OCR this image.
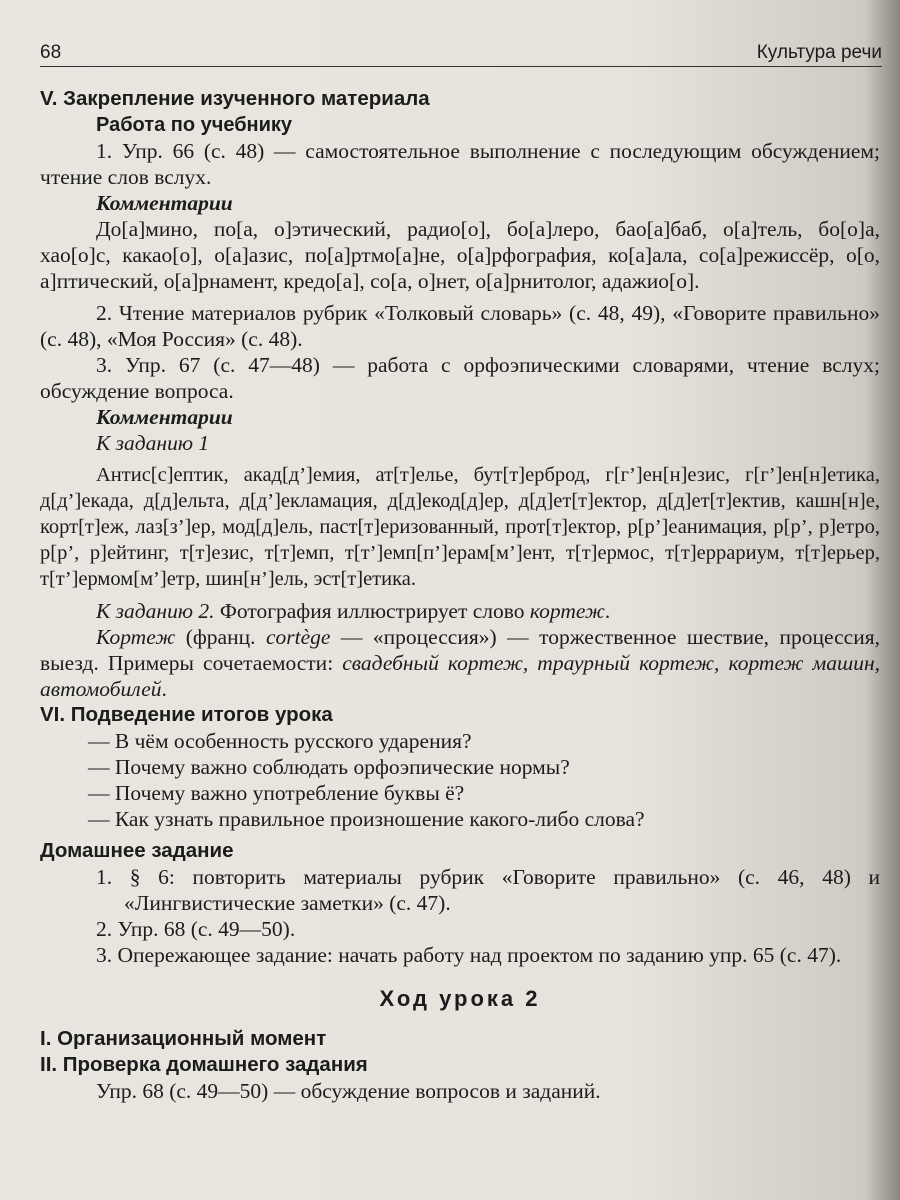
68	Культура речи
V. Закрепление изученного материала
Работа по учебнику

1. Упр. 66 (с. 48) — самостоятельное выполнение с последующим обсуждением; чтение слов вслух.

Комментарии

До[а]мино, по[а, о]этический, радио[о], бо[а]леро, бао[а]баб, о[а]тель, бо[о]а, хао[о]с, какао[о], о[а]азис, по[а]ртмо[а]не, о[а]рфография, ко[а]ала, со[а]режиссёр, о[о, а]птический, о[а]рнамент, кредо[а], со[а, о]нет, о[а]рнитолог, адажио[о].

2. Чтение материалов рубрик «Толковый словарь» (с. 48, 49), «Говорите правильно» (с. 48), «Моя Россия» (с. 48).

3. Упр. 67 (с. 47—48) — работа с орфоэпическими словарями, чтение вслух; обсуждение вопроса.

Комментарии
К заданию 1

Антис[с]ептик, акад[д’]емия, ат[т]елье, бут[т]ерброд, г[г’]ен[н]езис, г[г’]ен[н]етика, д[д’]екада, д[д]ельта, д[д’]екламация, д[д]екод[д]ер, д[д]ет[т]ектор, д[д]ет[т]ектив, кашн[н]е, корт[т]еж, лаз[з’]ер, мод[д]ель, паст[т]еризованный, прот[т]ектор, р[р’]еанимация, р[р’, р]етро, р[р’, р]ейтинг, т[т]езис, т[т]емп, т[т’]емп[п’]ерам[м’]ент, т[т]ермос, т[т]еррариум, т[т]ерьер, т[т’]ермом[м’]етр, шин[н’]ель, эст[т]етика.

К заданию 2. Фотография иллюстрирует слово кортеж.

Кортеж (франц. cortège — «процессия») — торжественное шествие, процессия, выезд. Примеры сочетаемости: свадебный кортеж, траурный кортеж, кортеж машин, автомобилей.

VI. Подведение итогов урока
— В чём особенность русского ударения?
— Почему важно соблюдать орфоэпические нормы?
— Почему важно употребление буквы ё?
— Как узнать правильное произношение какого-либо слова?
Домашнее задание
1. § 6: повторить материалы рубрик «Говорите правильно» (с. 46, 48) и «Лингвистические заметки» (с. 47).
2. Упр. 68 (с. 49—50).
3. Опережающее задание: начать работу над проектом по заданию упр. 65 (с. 47).
Ход урока 2
I. Организационный момент
II. Проверка домашнего задания
Упр. 68 (с. 49—50) — обсуждение вопросов и заданий.
